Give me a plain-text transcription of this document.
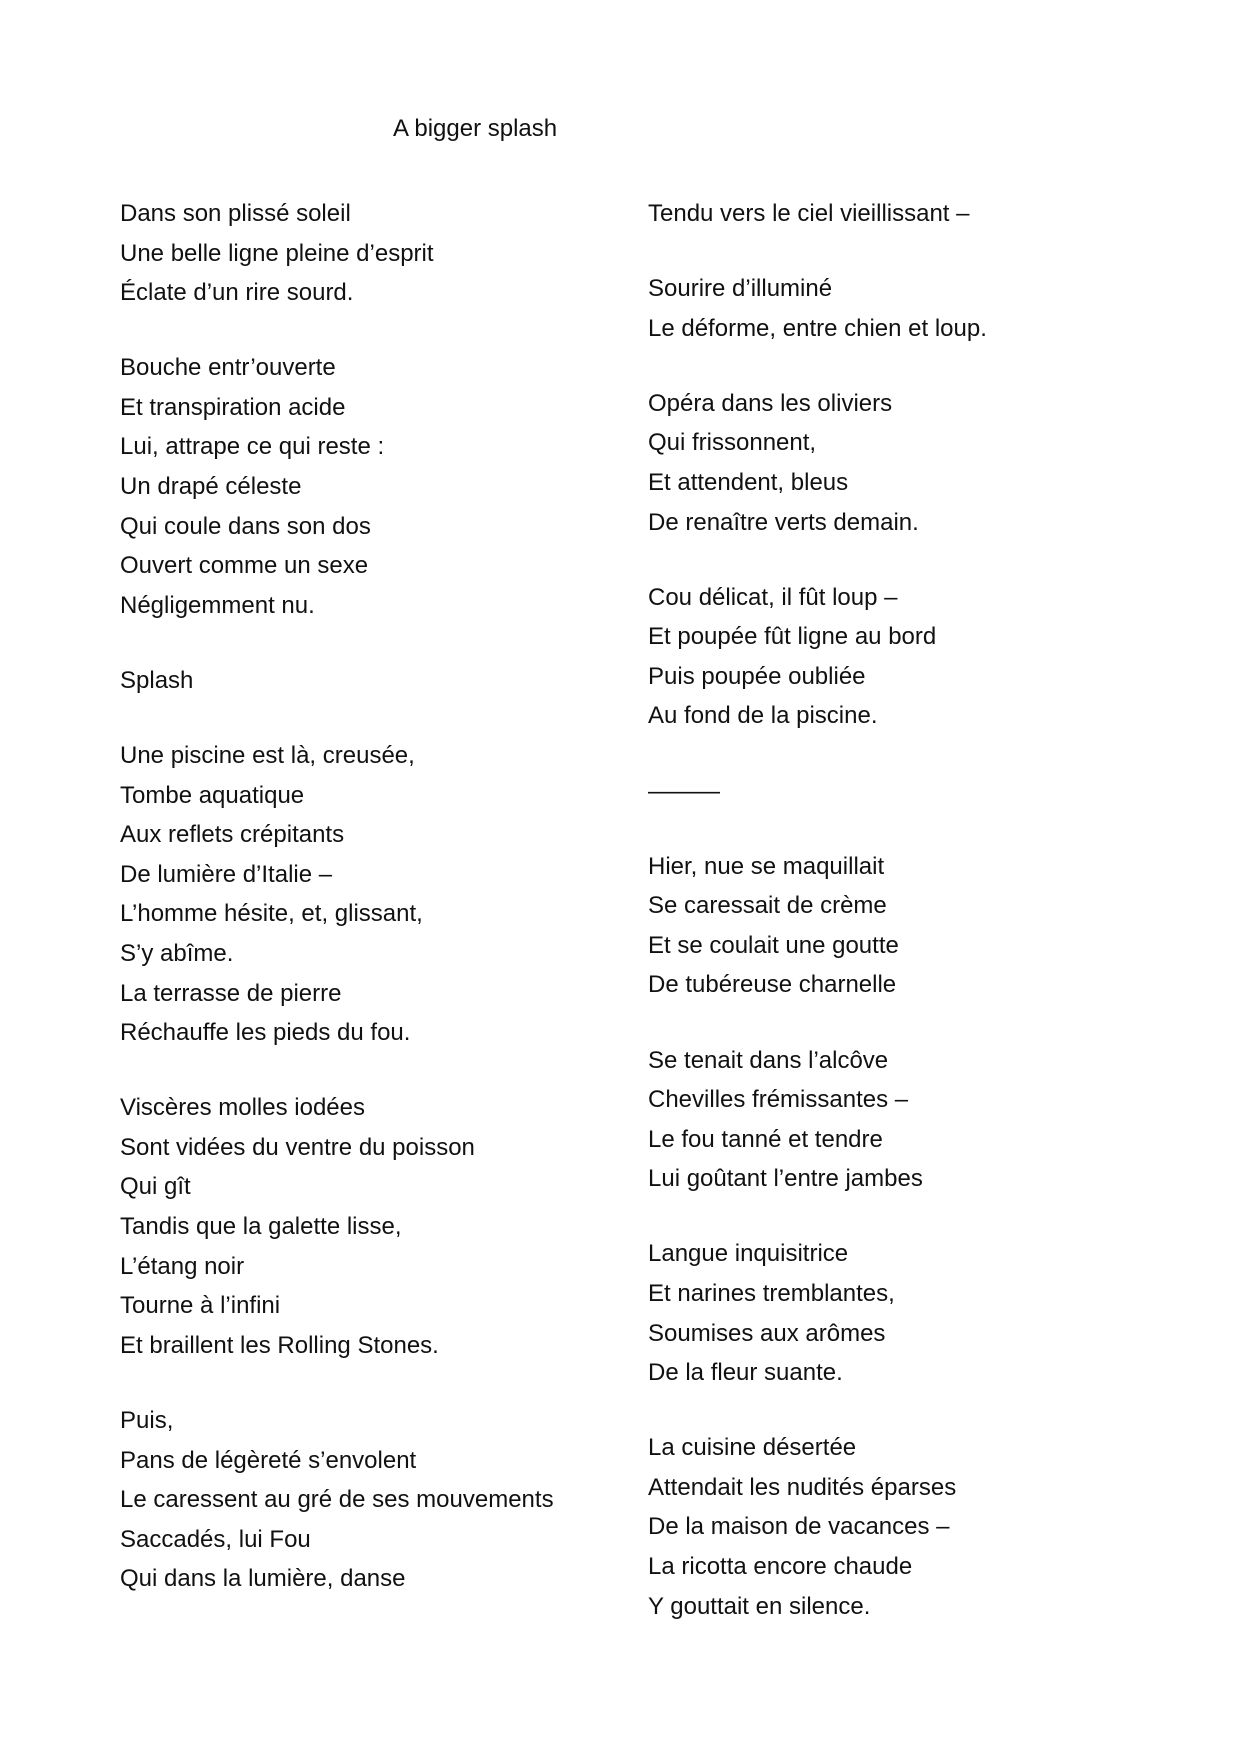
A bigger splash
Dans son plissé soleil
Une belle ligne pleine d’esprit
Éclate d’un rire sourd.
Bouche entr’ouverte
Et transpiration acide
Lui, attrape ce qui reste :
Un drapé céleste
Qui coule dans son dos
Ouvert comme un sexe
Négligemment nu.
Splash
Une piscine est là, creusée,
Tombe aquatique
Aux reflets crépitants
De lumière d’Italie –
L’homme hésite, et, glissant,
S’y abîme.
La terrasse de pierre
Réchauffe les pieds du fou.
Viscères molles iodées
Sont vidées du ventre du poisson
Qui gît
Tandis que la galette lisse,
L’étang noir
Tourne à l’infini
Et braillent les Rolling Stones.
Puis,
Pans de légèreté s’envolent
Le caressent au gré de ses mouvements
Saccadés, lui Fou
Qui dans la lumière, danse
Tendu vers le ciel vieillissant –
Sourire d’illuminé
Le déforme, entre chien et loup.
Opéra dans les oliviers
Qui frissonnent,
Et attendent, bleus
De renaître verts demain.
Cou délicat, il fût loup –
Et poupée fût ligne au bord
Puis poupée oubliée
Au fond de la piscine.
———
Hier, nue se maquillait
Se caressait de crème
Et se coulait une goutte
De tubéreuse charnelle
Se tenait dans l’alcôve
Chevilles frémissantes –
Le fou tanné et tendre
Lui goûtant l’entre jambes
Langue inquisitrice
Et narines tremblantes,
Soumises aux arômes
De la fleur suante.
La cuisine désertée
Attendait les nudités éparses
De la maison de vacances –
La ricotta encore chaude
Y gouttait en silence.
